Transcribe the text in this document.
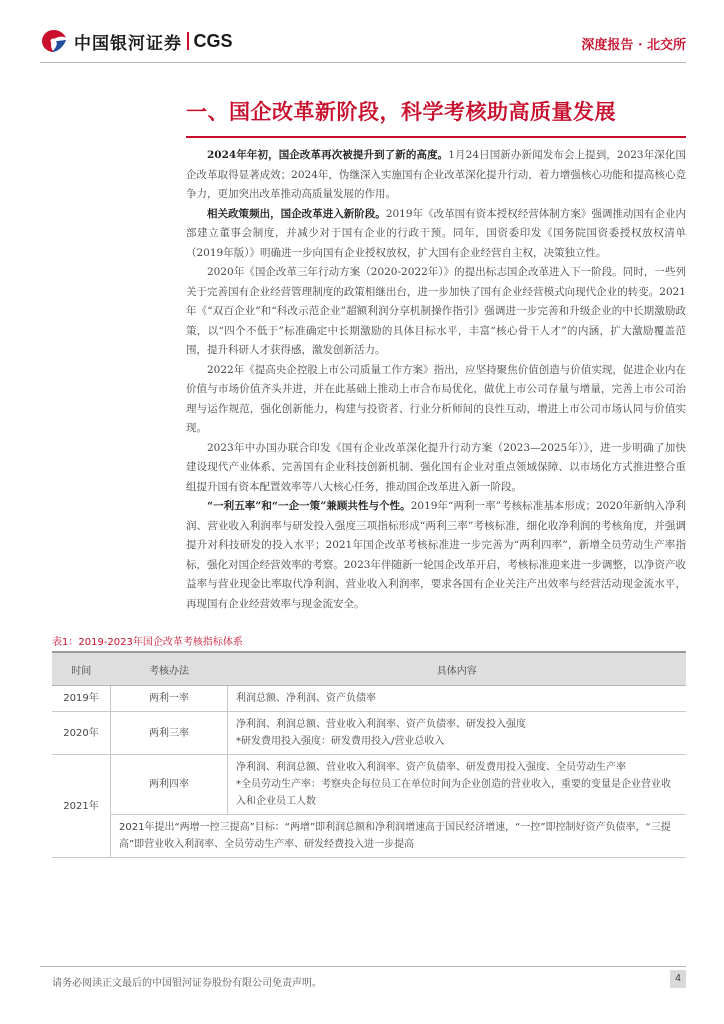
中国银河证券 CGS	深度报告 · 北交所
一、国企改革新阶段，科学考核助高质量发展

2024年年初，国企改革再次被提升到了新的高度。1月24日国新办新闻发布会上提到，2023年深化国企改革取得显著成效；2024年，伪继深入实施国有企业改革深化提升行动，着力增强核心功能和提高核心竞争力，更加突出改革推动高质量发展的作用。

相关政策频出，国企改革进入新阶段。2019年《改革国有资本授权经营体制方案》强调推动国有企业内部建立董事会制度，并减少对于国有企业的行政干预。同年，国资委印发《国务院国资委授权放权清单（2019年版）》明确进一步向国有企业授权放权，扩大国有企业经营自主权，决策独立性。

2020年《国企改革三年行动方案（2020-2022年）》的提出标志国企改革进入下一阶段。同时，一些列关于完善国有企业经营管理制度的政策相继出台，进一步加快了国有企业经营模式向现代企业的转变。2021年《“双百企业”和“科改示范企业”超额利润分享机制操作指引》强调进一步完善和升级企业的中长期激励政策，以“四个不低于”标准确定中长期激励的具体目标水平，丰富“核心骨干人才”的内涵，扩大激励覆盖范围，提升科研人才获得感，激发创新活力。

2022年《提高央企控股上市公司质量工作方案》指出，应坚持聚焦价值创造与价值实现，促进企业内在价值与市场价值齐头并进，并在此基础上推动上市合布局优化，做优上市公司存量与增量，完善上市公司治理与运作规范，强化创新能力，构建与投资者、行业分析师间的良性互动，增进上市公司市场认同与价值实现。

2023年中办国办联合印发《国有企业改革深化提升行动方案（2023—2025年）》，进一步明确了加快建设现代产业体系、完善国有企业科技创新机制、强化国有企业对重点领域保障、以市场化方式推进整合重组提升国有资本配置效率等八大核心任务，推动国企改革进入新一阶段。

“一利五率”和“一企一策”兼顾共性与个性。2019年“两利一率”考核标准基本形成；2020年新纳入净利润、营业收入利润率与研发投入强度三项指标形成“两利三率”考核标准，细化收净利润的考核角度，并强调提升对科技研发的投入水平；2021年国企改革考核标准进一步完善为“两利四率”，新增全员劳动生产率指标，强化对国企经营效率的考察。2023年伴随新一轮国企改革开启，考核标准迎来进一步调整，以净资产收益率与营业现金比率取代净利润、营业收入利润率，要求各国有企业关注产出效率与经营活动现金流水平，再现国有企业经营效率与现金流安全。

表1：2019-2023年国企改革考核指标体系
时间	考核办法	具体内容
2019年	两利一率	利润总额、净利润、资产负债率

2020年	两利三率	净利润、利润总额、营业收入利润率、资产负债率、研发投入强度
*研发费用投入强度：研发费用投入/营业总收入

2021年	两利四率	净利润、利润总额、营业收入利润率、资产负债率、研发费用投入强度、全员劳动生产率
*全员劳动生产率：考察央企每位员工在单位时间为企业创造的营业收入，重要的变量是企业营业收入和企业员工人数

	2021年提出“两增一控三提高”目标：“两增”即利润总额和净利润增速高于国民经济增速，“一控”即控制好资产负债率，“三提高”即营业收入利润率、全员劳动生产率、研发经费投入进一步提高	
请务必阅读正文最后的中国银河证券股份有限公司免责声明。	4
